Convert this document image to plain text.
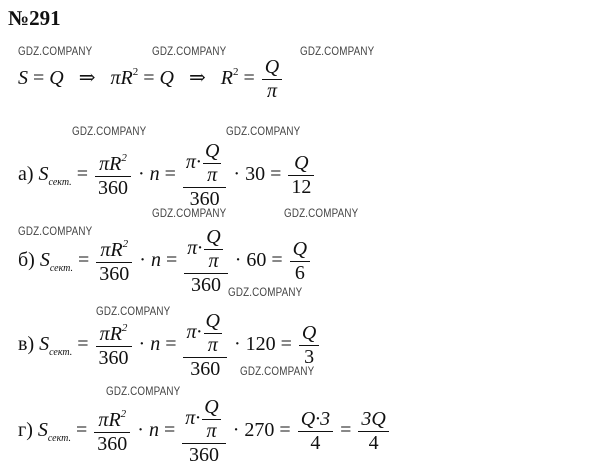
№291
GDZ.COMPANY	GDZ.COMPANY	GDZ.COMPANY
GDZ.COMPANY	GDZ.COMPANY
GDZ.COMPANY	GDZ.COMPANY
GDZ.COMPANY
GDZ.COMPANY
GDZ.COMPANY
GDZ.COMPANY
GDZ.COMPANY
S = Q ⇒ $\pi R^2 = Q$ ⇒ $R^2 = \frac{Q}{\pi}$
а) $S_{сект.} = \frac{\pi R^2}{360} \cdot n = \frac{\pi\cdot \frac{Q}{\pi}}{360} \cdot 30 = \frac{Q}{12}$
б) $S_{сект.} = \frac{\pi R^2}{360} \cdot n = \frac{\pi\cdot \frac{Q}{\pi}}{360} \cdot 60 = \frac{Q}{6}$
в) $S_{сект.} = \frac{\pi R^2}{360} \cdot n = \frac{\pi\cdot \frac{Q}{\pi}}{360} \cdot 120 = \frac{Q}{3}$
г) $S_{сект.} = \frac{\pi R^2}{360} \cdot n = \frac{\pi\cdot \frac{Q}{\pi}}{360} \cdot 270 = \frac{Q\cdot 3}{4} = \frac{3Q}{4}$
